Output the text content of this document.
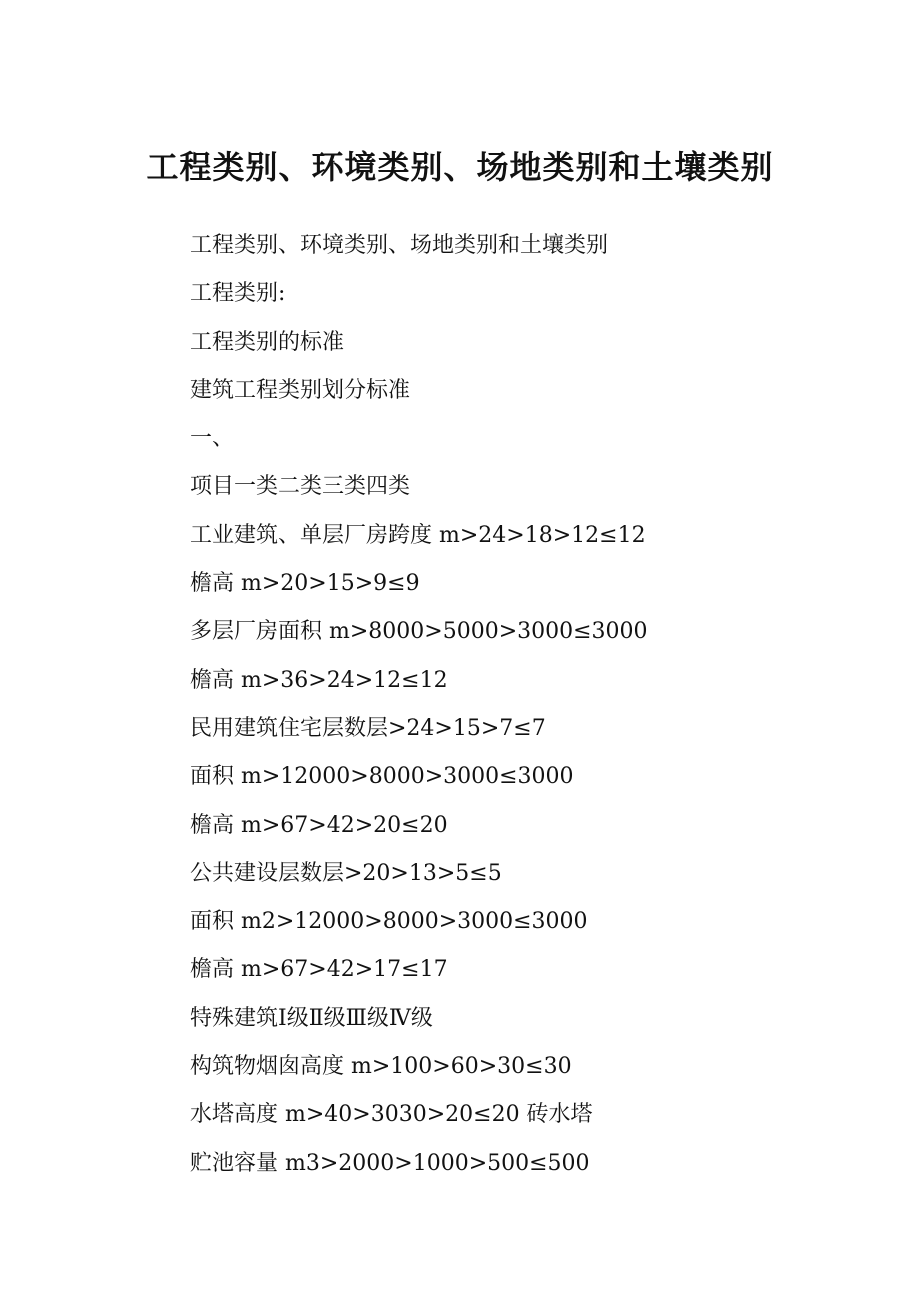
工程类别、环境类别、场地类别和土壤类别
工程类别、环境类别、场地类别和土壤类别
工程类别:
工程类别的标准
建筑工程类别划分标准
一、
项目一类二类三类四类
工业建筑、单层厂房跨度 m>24>18>12≤12
檐高 m>20>15>9≤9
多层厂房面积 m>8000>5000>3000≤3000
檐高 m>36>24>12≤12
民用建筑住宅层数层>24>15>7≤7
面积 m>12000>8000>3000≤3000
檐高 m>67>42>20≤20
公共建设层数层>20>13>5≤5
面积 m2>12000>8000>3000≤3000
檐高 m>67>42>17≤17
特殊建筑Ⅰ级Ⅱ级Ⅲ级Ⅳ级
构筑物烟囱高度 m>100>60>30≤30
水塔高度 m>40>3030>20≤20 砖水塔
贮池容量 m3>2000>1000>500≤500
